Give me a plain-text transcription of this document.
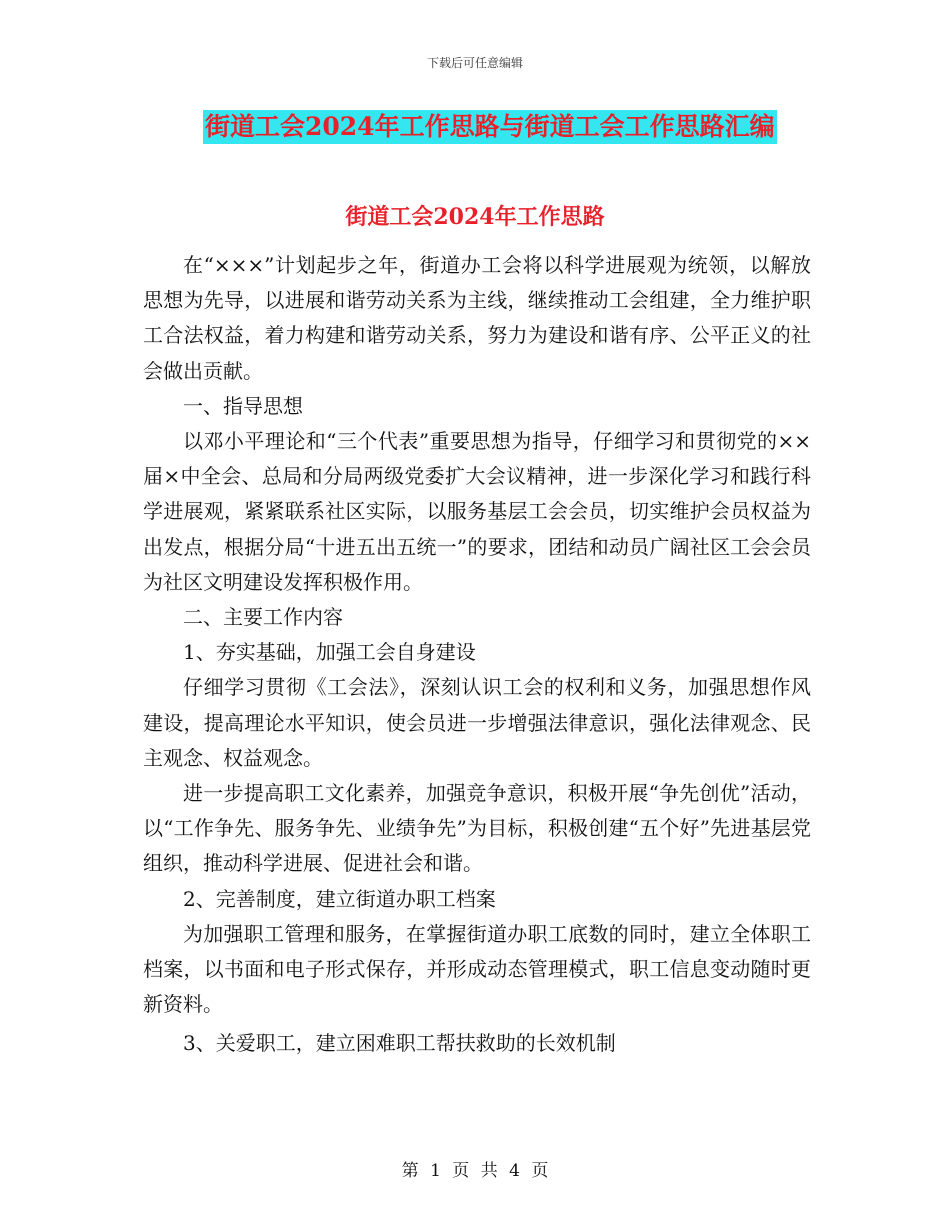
下载后可任意编辑
街道工会2024年工作思路与街道工会工作思路汇编
街道工会2024年工作思路

在“×××”计划起步之年，街道办工会将以科学进展观为统领，以解放思想为先导，以进展和谐劳动关系为主线，继续推动工会组建，全力维护职工合法权益，着力构建和谐劳动关系，努力为建设和谐有序、公平正义的社会做出贡献。

一、指导思想

以邓小平理论和“三个代表”重要思想为指导，仔细学习和贯彻党的××届×中全会、总局和分局两级党委扩大会议精神，进一步深化学习和践行科学进展观，紧紧联系社区实际，以服务基层工会会员，切实维护会员权益为出发点，根据分局“十进五出五统一”的要求，团结和动员广阔社区工会会员为社区文明建设发挥积极作用。

二、主要工作内容

1、夯实基础，加强工会自身建设

仔细学习贯彻《工会法》，深刻认识工会的权利和义务，加强思想作风建设，提高理论水平知识，使会员进一步增强法律意识，强化法律观念、民主观念、权益观念。

进一步提高职工文化素养，加强竞争意识，积极开展“争先创优”活动， 以“工作争先、服务争先、业绩争先”为目标，积极创建“五个好”先进基层党组织，推动科学进展、促进社会和谐。

2、完善制度，建立街道办职工档案

为加强职工管理和服务，在掌握街道办职工底数的同时，建立全体职工档案，以书面和电子形式保存，并形成动态管理模式，职工信息变动随时更新资料。

3、关爱职工，建立困难职工帮扶救助的长效机制

第 1 页 共 4 页
